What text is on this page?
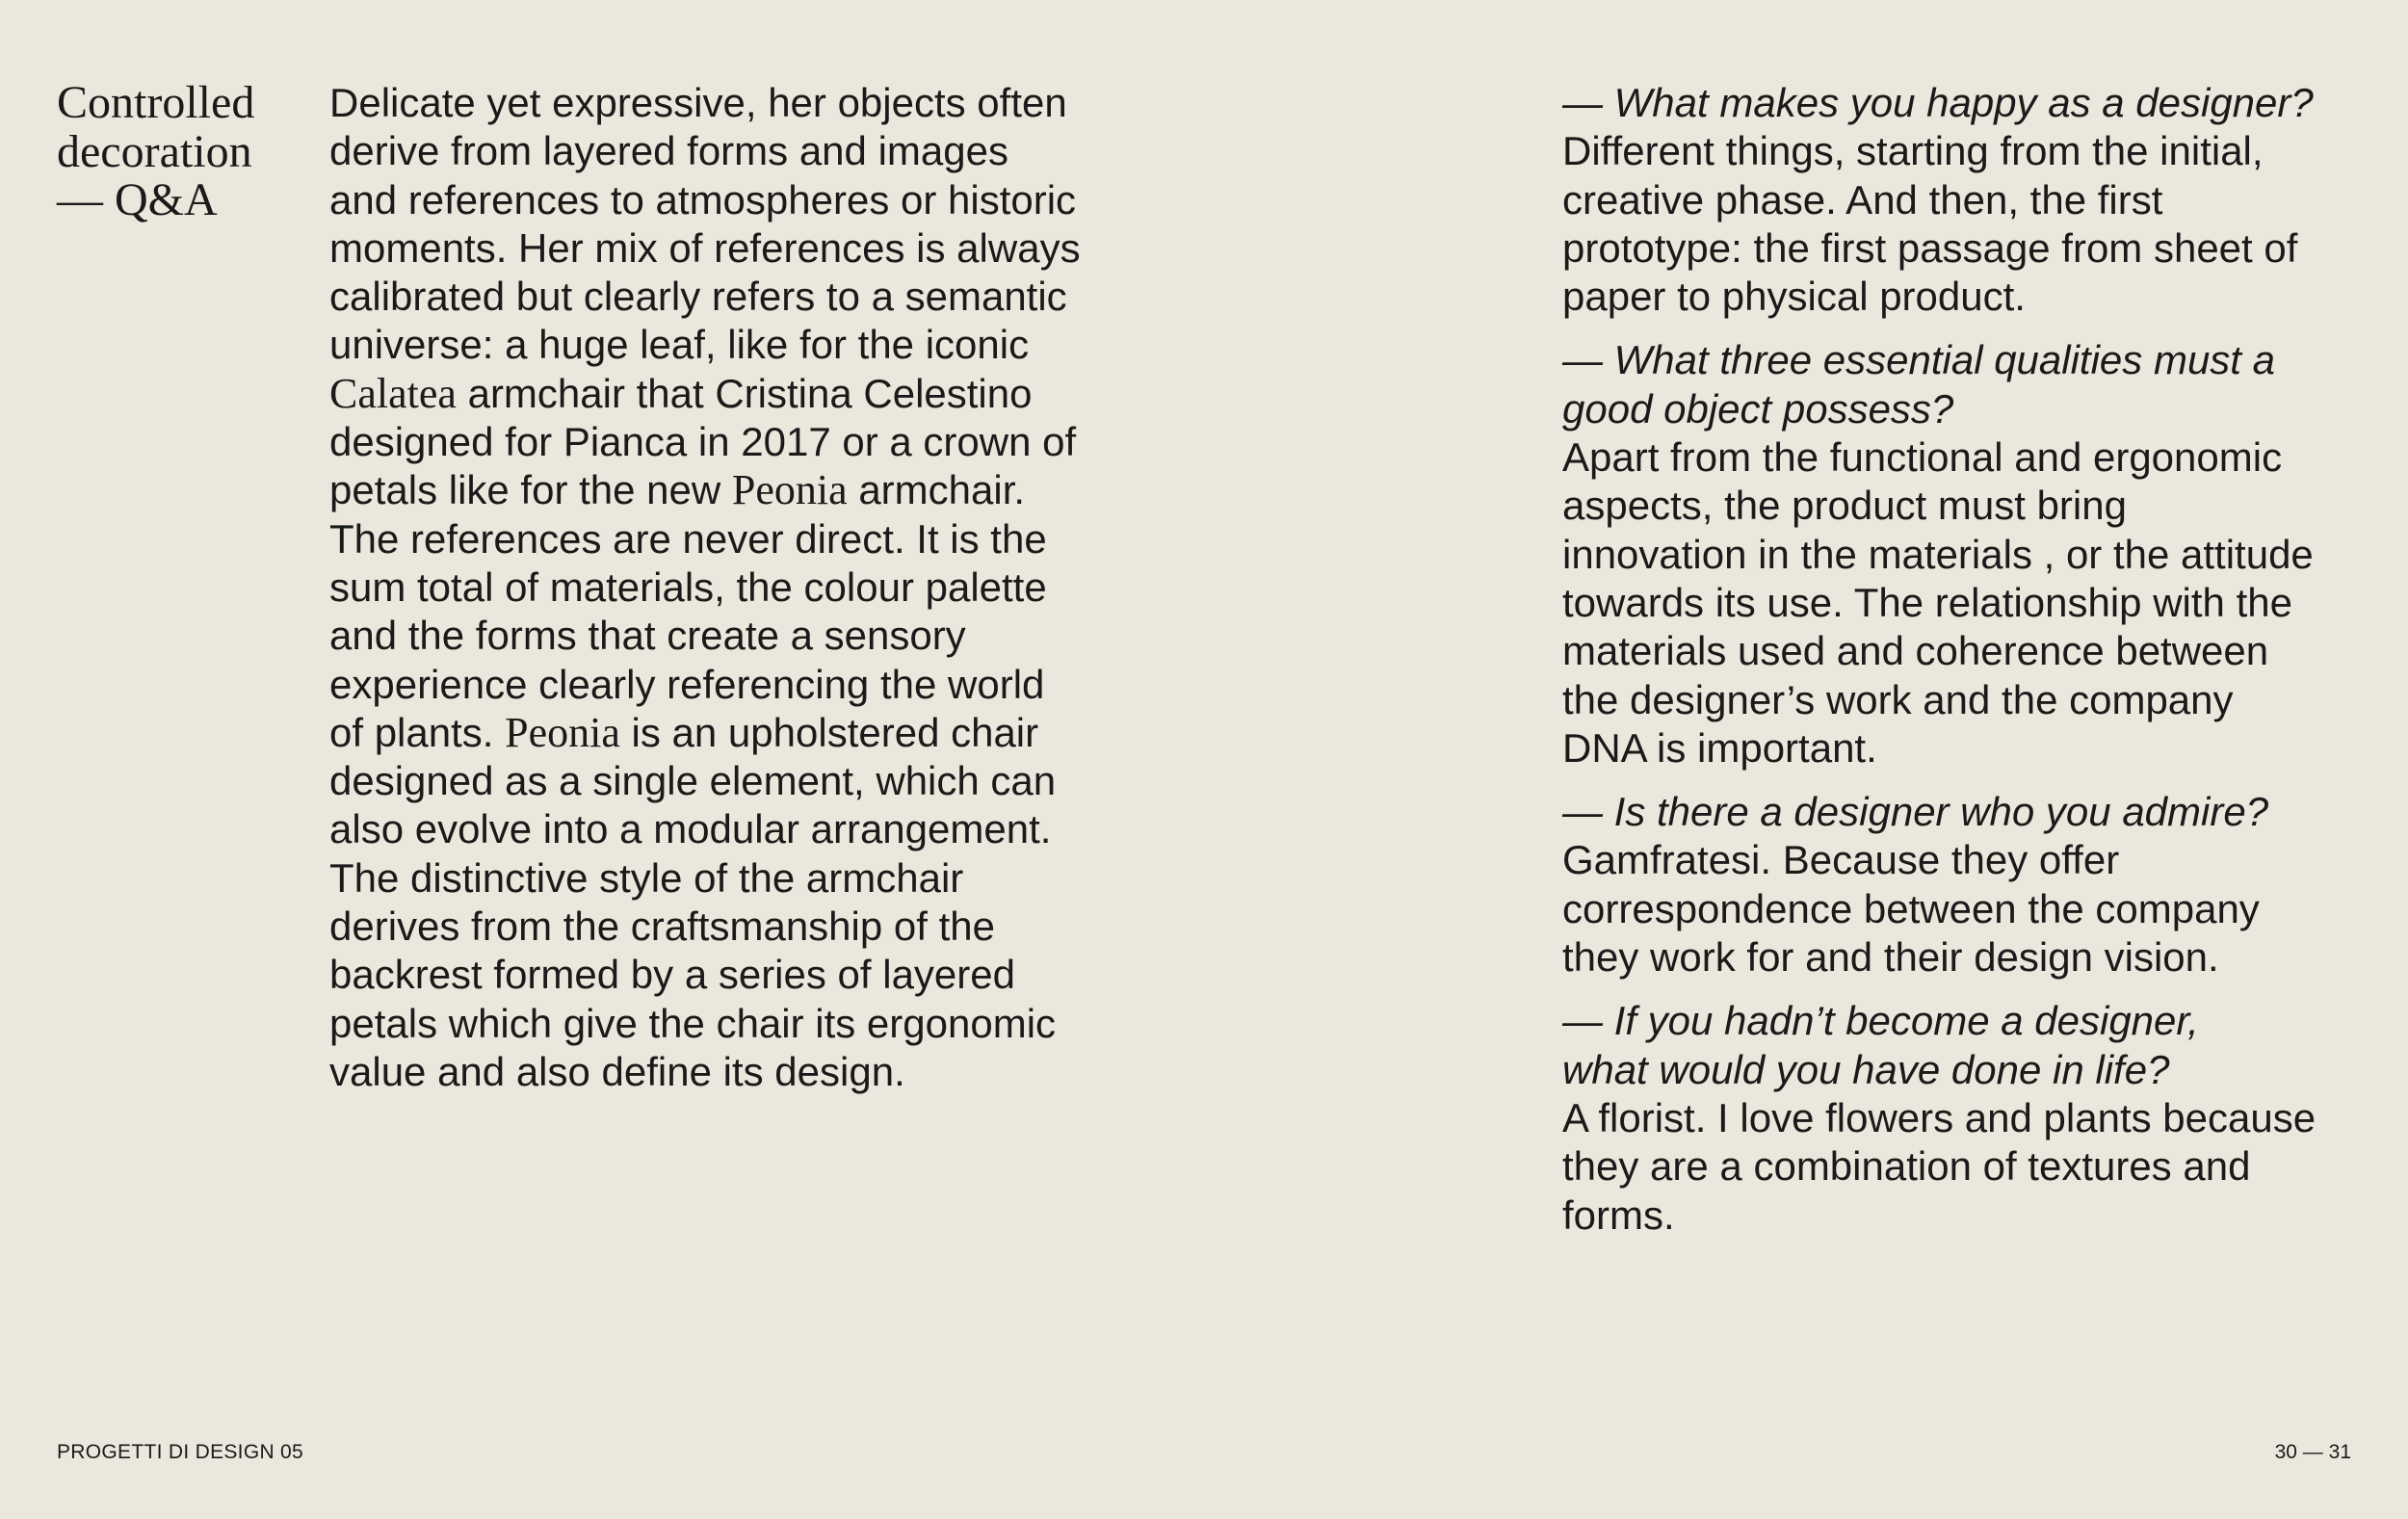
Controlled
decoration
— Q&A

Delicate yet expressive, her objects often
derive from layered forms and images
and references to atmospheres or historic
moments. Her mix of references is always
calibrated but clearly refers to a semantic
universe: a huge leaf, like for the iconic
Calatea armchair that Cristina Celestino
designed for Pianca in 2017 or a crown of
petals like for the new Peonia armchair.
The references are never direct. It is the
sum total of materials, the colour palette
and the forms that create a sensory
experience clearly referencing the world
of plants. Peonia is an upholstered chair
designed as a single element, which can
also evolve into a modular arrangement.
The distinctive style of the armchair
derives from the craftsmanship of the
backrest formed by a series of layered
petals which give the chair its ergonomic
value and also define its design.

— What makes you happy as a designer?
Different things, starting from the initial,
creative phase. And then, the first
prototype: the first passage from sheet of
paper to physical product.
— What three essential qualities must a
good object possess?
Apart from the functional and ergonomic
aspects, the product must bring
innovation in the materials , or the attitude
towards its use. The relationship with the
materials used and coherence between
the designer’s work and the company
DNA is important.
— Is there a designer who you admire?
Gamfratesi. Because they offer
correspondence between the company
they work for and their design vision.
— If you hadn’t become a designer,
what would you have done in life?
A florist. I love flowers and plants because
they are a combination of textures and
forms.
PROGETTI DI DESIGN 05	30 — 31
